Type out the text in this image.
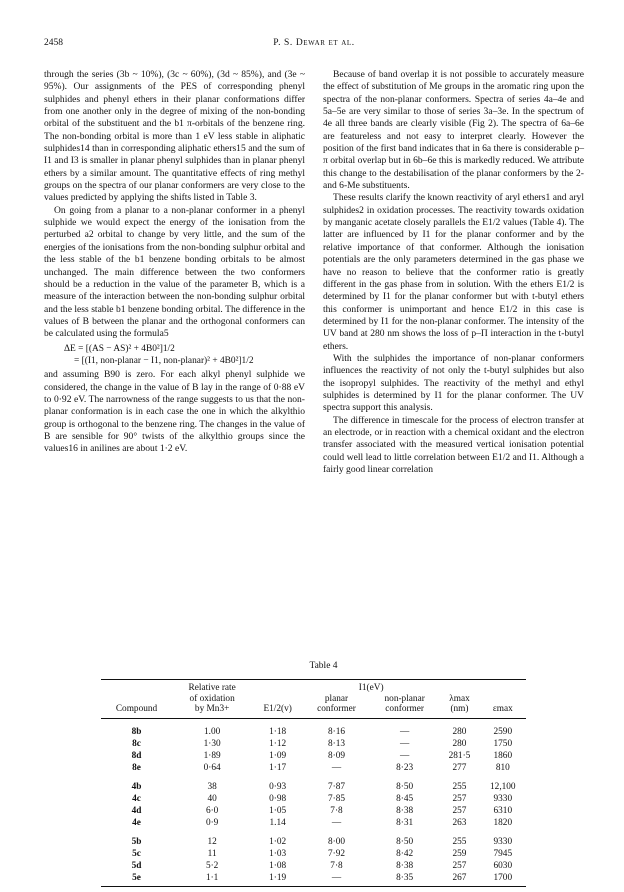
2458	P. S. Dewar et al.

through the series (3b ~ 10%), (3c ~ 60%), (3d ~ 85%), and (3e ~ 95%). Our assignments of the PES of corresponding phenyl sulphides and phenyl ethers in their planar conformations differ from one another only in the degree of mixing of the non-bonding orbital of the substituent and the b1 π-orbitals of the benzene ring. The non-bonding orbital is more than 1 eV less stable in aliphatic sulphides14 than in corresponding aliphatic ethers15 and the sum of I1 and I3 is smaller in planar phenyl sulphides than in planar phenyl ethers by a similar amount. The quantitative effects of ring methyl groups on the spectra of our planar conformers are very close to the values predicted by applying the shifts listed in Table 3.

On going from a planar to a non-planar conformer in a phenyl sulphide we would expect the energy of the ionisation from the perturbed a2 orbital to change by very little, and the sum of the energies of the ionisations from the non-bonding sulphur orbital and the less stable of the b1 benzene bonding orbitals to be almost unchanged. The main difference between the two conformers should be a reduction in the value of the parameter B, which is a measure of the interaction between the non-bonding sulphur orbital and the less stable b1 benzene bonding orbital. The difference in the values of B between the planar and the orthogonal conformers can be calculated using the formula5

ΔE = [(AS − AS)² + 4B0²]1/2
= [(I1, non-planar − I1, non-planar)² + 4B0²]1/2

and assuming B90 is zero. For each alkyl phenyl sulphide we considered, the change in the value of B lay in the range of 0·88 eV to 0·92 eV. The narrowness of the range suggests to us that the non-planar conformation is in each case the one in which the alkylthio group is orthogonal to the benzene ring. The changes in the value of B are sensible for 90° twists of the alkylthio groups since the values16 in anilines are about 1·2 eV.

Because of band overlap it is not possible to accurately measure the effect of substitution of Me groups in the aromatic ring upon the spectra of the non-planar conformers. Spectra of series 4a–4e and 5a–5e are very similar to those of series 3a–3e. In the spectrum of 4e all three bands are clearly visible (Fig 2). The spectra of 6a–6e are featureless and not easy to interpret clearly. However the position of the first band indicates that in 6a there is considerable p–π orbital overlap but in 6b–6e this is markedly reduced. We attribute this change to the destabilisation of the planar conformers by the 2- and 6-Me substituents.

These results clarify the known reactivity of aryl ethers1 and aryl sulphides2 in oxidation processes. The reactivity towards oxidation by manganic acetate closely parallels the E1/2 values (Table 4). The latter are influenced by I1 for the planar conformer and by the relative importance of that conformer. Although the ionisation potentials are the only parameters determined in the gas phase we have no reason to believe that the conformer ratio is greatly different in the gas phase from in solution. With the ethers E1/2 is determined by I1 for the planar conformer but with t-butyl ethers this conformer is unimportant and hence E1/2 in this case is determined by I1 for the non-planar conformer. The intensity of the UV band at 280 nm shows the loss of p–Π interaction in the t-butyl ethers.

With the sulphides the importance of non-planar conformers influences the reactivity of not only the t-butyl sulphides but also the isopropyl sulphides. The reactivity of the methyl and ethyl sulphides is determined by I1 for the planar conformer. The UV spectra support this analysis.

The difference in timescale for the process of electron transfer at an electrode, or in reaction with a chemical oxidant and the electron transfer associated with the measured vertical ionisation potential could well lead to little correlation between E1/2 and I1. Although a fairly good linear correlation

Table 4
	Relative rate		I1(eV)			
	of oxidation		planar	non-planar	λmax	
Compound	by Mn3+	E1/2(v)	conformer	conformer	(nm)	εmax
8b	1.00	1·18	8·16	—	280	2590
8c	1·30	1·12	8·13	—	280	1750
8d	1·89	1·09	8·09	—	281·5	1860
8e	0·64	1·17	—	8·23	277	810
4b	38	0·93	7·87	8·50	255	12,100
4c	40	0·98	7·85	8·45	257	9330
4d	6·0	1·05	7·8	8·38	257	6310
4e	0·9	1.14	—	8·31	263	1820
5b	12	1·02	8·00	8·50	255	9330
5c	11	1·03	7·92	8·42	259	7945
5d	5·2	1·08	7·8	8·38	257	6030
5e	1·1	1·19	—	8·35	267	1700
